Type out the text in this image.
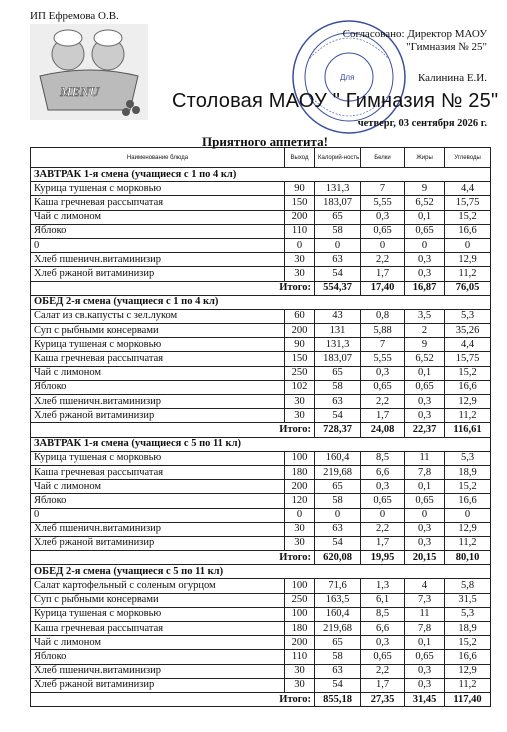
ИП Ефремова О.В.
MENU
Для
Согласовано: Директор МАОУ
"Гимназия № 25"
Калинина Е.И.
Столовая МАОУ " Гимназия № 25"
четверг, 03 сентября 2026 г.
Приятного аппетита!
Наименование блюда	Выход	Калорий-ность	Белки	Жиры	Углеводы
ЗАВТРАК 1-я смена (учащиеся с 1 по 4 кл)					
Курица тушеная с морковью	90	131,3	7	9	4,4
Каша гречневая рассыпчатая	150	183,07	5,55	6,52	15,75
Чай с лимоном	200	65	0,3	0,1	15,2
Яблоко	110	58	0,65	0,65	16,6
0	0	0	0	0	0
Хлеб пшеничн.витаминизир	30	63	2,2	0,3	12,9
Хлеб ржаной витаминизир	30	54	1,7	0,3	11,2
Итого:		554,37	17,40	16,87	76,05
ОБЕД 2-я смена (учащиеся с 1 по 4 кл)					
Салат из св.капусты с зел.луком	60	43	0,8	3,5	5,3
Суп с рыбными консервами	200	131	5,88	2	35,26
Курица тушеная с морковью	90	131,3	7	9	4,4
Каша гречневая рассыпчатая	150	183,07	5,55	6,52	15,75
Чай с лимоном	250	65	0,3	0,1	15,2
Яблоко	102	58	0,65	0,65	16,6
Хлеб пшеничн.витаминизир	30	63	2,2	0,3	12,9
Хлеб ржаной витаминизир	30	54	1,7	0,3	11,2
Итого:		728,37	24,08	22,37	116,61
ЗАВТРАК 1-я смена (учащиеся с 5 по 11 кл)					
Курица тушеная с морковью	100	160,4	8,5	11	5,3
Каша гречневая рассыпчатая	180	219,68	6,6	7,8	18,9
Чай с лимоном	200	65	0,3	0,1	15,2
Яблоко	120	58	0,65	0,65	16,6
0	0	0	0	0	0
Хлеб пшеничн.витаминизир	30	63	2,2	0,3	12,9
Хлеб ржаной витаминизир	30	54	1,7	0,3	11,2
Итого:		620,08	19,95	20,15	80,10
ОБЕД 2-я смена (учащиеся с 5 по 11 кл)					
Салат картофельный с соленым огурцом	100	71,6	1,3	4	5,8
Суп с рыбными консервами	250	163,5	6,1	7,3	31,5
Курица тушеная с морковью	100	160,4	8,5	11	5,3
Каша гречневая рассыпчатая	180	219,68	6,6	7,8	18,9
Чай с лимоном	200	65	0,3	0,1	15,2
Яблоко	110	58	0,65	0,65	16,6
Хлеб пшеничн.витаминизир	30	63	2,2	0,3	12,9
Хлеб ржаной витаминизир	30	54	1,7	0,3	11,2
Итого:		855,18	27,35	31,45	117,40
